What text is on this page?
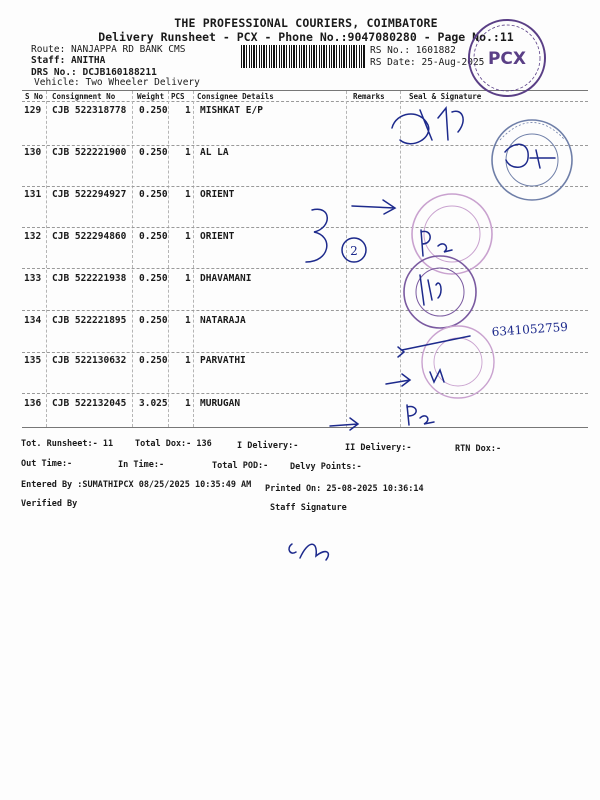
THE PROFESSIONAL COURIERS, COIMBATORE
Delivery Runsheet - PCX - Phone No.:9047080280 - Page No.:11
Route: NANJAPPA RD BANK CMS
Staff: ANITHA
DRS No.: DCJB160188211
Vehicle: Two Wheeler Delivery
RS No.: 1601882
RS Date: 25-Aug-2025
S No Consignment No	Weight PCS Consignee Details	Remarks	Seal & Signature
129 CJB 522318778 0.250 1 MISHKAT E/P
130 CJB 522221900 0.250 1 AL LA
131 CJB 522294927 0.250 1 ORIENT
132 CJB 522294860 0.250 1 ORIENT
133 CJB 522221938 0.250 1 DHAVAMANI
134 CJB 522221895 0.250 1 NATARAJA
135 CJB 522130632 0.250 1 PARVATHI
136 CJB 522132045 3.025 1 MURUGAN
Tot. Runsheet:- 11	Total Dox:- 136	I Delivery:-	II Delivery:-	RTN Dox:-
Out Time:-	In Time:-	Total POD:-	Delvy Points:-
Entered By :SUMATHIPCX 08/25/2025 10:35:49 AM Printed On: 25-08-2025 10:36:14
Verified By	Staff Signature
PCX
2
6341052759
